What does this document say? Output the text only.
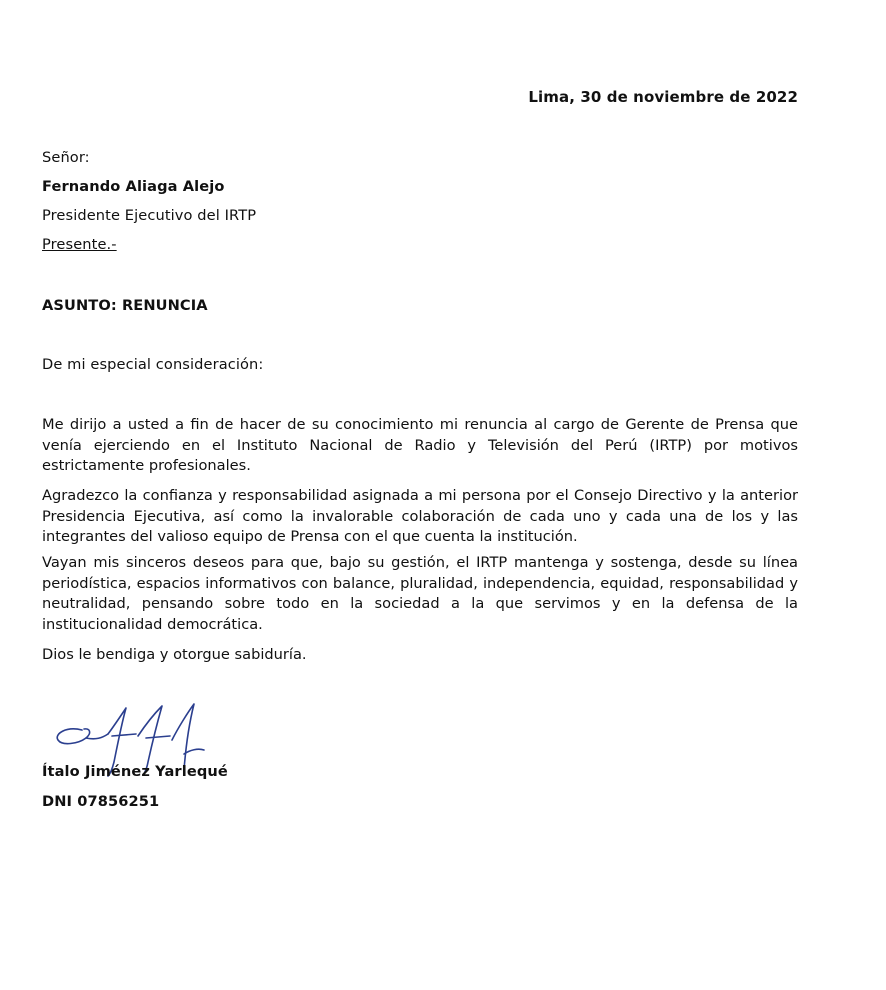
Lima, 30 de noviembre de 2022
Señor:
Fernando Aliaga Alejo
Presidente Ejecutivo del IRTP
Presente.-
ASUNTO: RENUNCIA
De mi especial consideración:
Me dirijo a usted a fin de hacer de su conocimiento mi renuncia al cargo de Gerente de Prensa que venía ejerciendo en el Instituto Nacional de Radio y Televisión del Perú (IRTP) por motivos estrictamente profesionales.
Agradezco la confianza y responsabilidad asignada a mi persona por el Consejo Directivo y la anterior Presidencia Ejecutiva, así como la invalorable colaboración de cada uno y cada una de los y las integrantes del valioso equipo de Prensa con el que cuenta la institución.
Vayan mis sinceros deseos para que, bajo su gestión, el IRTP mantenga y sostenga, desde su línea periodística, espacios informativos con balance, pluralidad, independencia, equidad, responsabilidad y neutralidad, pensando sobre todo en la sociedad a la que servimos y en la defensa de la institucionalidad democrática.
Dios le bendiga y otorgue sabiduría.
Ítalo Jiménez Yarlequé
DNI 07856251
